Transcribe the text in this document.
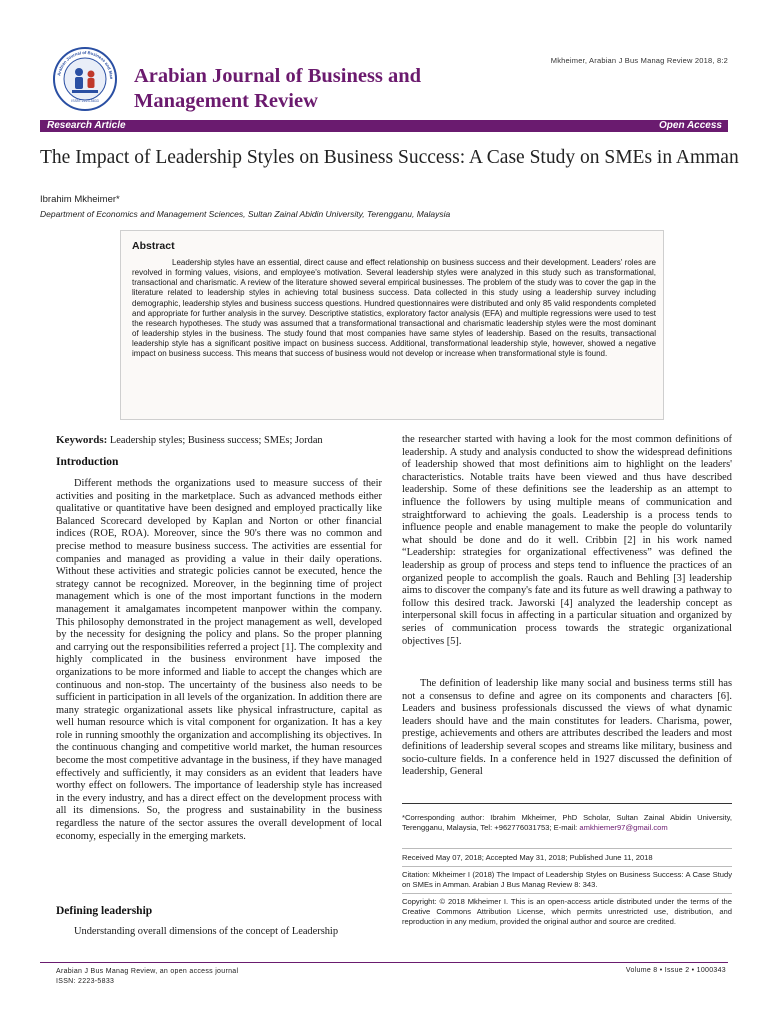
Arabian Journal of Business and Man
ISSN: 2223-5833
Arabian Journal of Business and
Management Review
Mkheimer, Arabian J Bus Manag Review 2018, 8:2
Research Article	Open Access
The Impact of Leadership Styles on Business Success: A Case Study on SMEs in Amman
Ibrahim Mkheimer*
Department of Economics and Management Sciences, Sultan Zainal Abidin University, Terengganu, Malaysia
Abstract
Leadership styles have an essential, direct cause and effect relationship on business success and their development. Leaders' roles are revolved in forming values, visions, and employee's motivation. Several leadership styles were analyzed in this study such as transformational, transactional and charismatic. A review of the literature showed several empirical businesses. The problem of the study was to cover the gap in the literature related to leadership styles in achieving total business success. Data collected in this study using a leadership survey including demographic, leadership styles and business success questions. Hundred questionnaires were distributed and only 85 valid respondents completed and appropriate for further analysis in the survey. Descriptive statistics, exploratory factor analysis (EFA) and multiple regressions were used to test the research hypotheses. The study was assumed that a transformational transactional and charismatic leadership styles were the most dominant of leadership styles in the business. The study found that most companies have same styles of leadership. Based on the results, transactional leadership style has a significant positive impact on business success. Additional, transformational leadership style, however, showed a negative impact on business success. This means that success of business would not develop or increase when transformational style is found.
Keywords: Leadership styles; Business success; SMEs; Jordan
Introduction
Different methods the organizations used to measure success of their activities and positing in the marketplace. Such as advanced methods either qualitative or quantitative have been designed and employed practically like Balanced Scorecard developed by Kaplan and Norton or other financial indices (ROE, ROA). Moreover, since the 90's there was no common and precise method to measure business success. The activities are essential for companies and managed as providing a value in their daily operations. Without these activities and strategic policies cannot be executed, hence the strategy cannot be recognized. Moreover, in the beginning time of project management which is one of the most important functions in the modern management it amalgamates incompetent manpower within the company. This philosophy demonstrated in the project management as well, developed by the necessity for designing the policy and plans. So the proper planning and carrying out the responsibilities referred a project [1]. The complexity and highly complicated in the business environment have imposed the organizations to be more informed and liable to accept the changes which are continuous and non-stop. The uncertainty of the business also needs to be sufficient in participation in all levels of the organization. In addition there are many strategic organizational assets like physical infrastructure, capital as well human resource which is vital component for organization. It has a key role in running smoothly the organization and accomplishing its objectives. In the continuous changing and competitive world market, the human resources become the most competitive advantage in the business, if they have managed effectively and sufficiently, it may considers as an evident that leaders have worthy effect on followers. The importance of leadership style has increased in the every industry, and has a direct effect on the development process with all its dimensions. So, the progress and sustainability in the business regardless the nature of the sector assures the overall development of local economy, especially in the emerging markets.
Defining leadership
Understanding overall dimensions of the concept of Leadership
the researcher started with having a look for the most common definitions of leadership. A study and analysis conducted to show the widespread definitions of leadership showed that most definitions aim to highlight on the leaders' characteristics. Notable traits have been viewed and thus have described leadership. Some of these definitions see the leadership as an attempt to influence the followers by using multiple means of communication and straightforward to achieving the goals. Leadership is a process tends to influence people and enable management to make the people do voluntarily what should be done and do it well. Cribbin [2] in his work named “Leadership: strategies for organizational effectiveness” was defined the leadership as group of process and steps tend to influence the practices of an organized people to accomplish the goals. Rauch and Behling [3] leadership aims to discover the company's fate and its future as well drawing a pathway to follow this desired track. Jaworski [4] analyzed the leadership concept as interpersonal skill focus in affecting in a particular situation and organized by series of communication process towards the strategic organizational objectives [5].
The definition of leadership like many social and business terms still has not a consensus to define and agree on its components and characters [6]. Leaders and business professionals discussed the views of what dynamic leaders should have and the main constitutes for leaders. Charisma, power, prestige, achievements and others are attributes described the leaders and most definitions of leadership several scopes and streams like military, business and socio-culture fields. In a conference held in 1927 discussed the definition of leadership, General
*Corresponding author: Ibrahim Mkheimer, PhD Scholar, Sultan Zainal Abidin University, Terengganu, Malaysia, Tel: +962776031753; E-mail: amkhiemer97@gmail.com
Received May 07, 2018; Accepted May 31, 2018; Published June 11, 2018
Citation: Mkheimer I (2018) The Impact of Leadership Styles on Business Success: A Case Study on SMEs in Amman. Arabian J Bus Manag Review 8: 343.
Copyright: © 2018 Mkheimer I. This is an open-access article distributed under the terms of the Creative Commons Attribution License, which permits unrestricted use, distribution, and reproduction in any medium, provided the original author and source are credited.
Arabian J Bus Manag Review, an open access journal
ISSN: 2223-5833
Volume 8 • Issue 2 • 1000343
